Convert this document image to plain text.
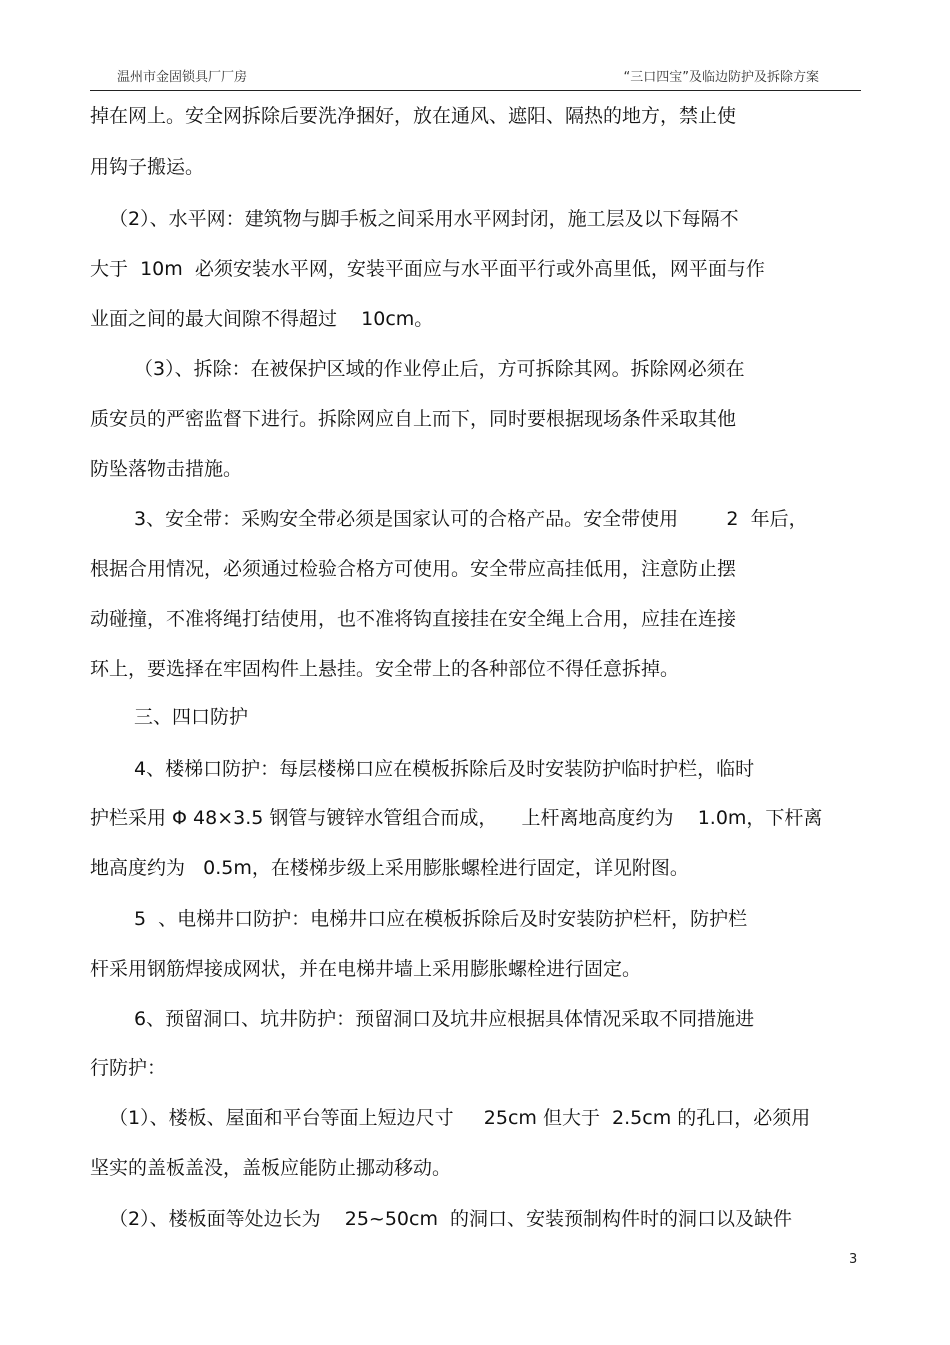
温州市金固锁具厂厂房	“三口四宝”及临边防护及拆除方案
掉在网上。安全网拆除后要洗净捆好，放在通风、遮阳、隔热的地方，禁止使
用钩子搬运。
（2）、水平网：建筑物与脚手板之间采用水平网封闭，施工层及以下每隔不
大于  10m  必须安装水平网，安装平面应与水平面平行或外高里低，网平面与作
业面之间的最大间隙不得超过    10cm。
（3）、拆除：在被保护区域的作业停止后，方可拆除其网。拆除网必须在
质安员的严密监督下进行。拆除网应自上而下，同时要根据现场条件采取其他
防坠落物击措施。
3、安全带：采购安全带必须是国家认可的合格产品。安全带使用        2  年后，
根据合用情况，必须通过检验合格方可使用。安全带应高挂低用，注意防止摆
动碰撞，不准将绳打结使用，也不准将钩直接挂在安全绳上合用，应挂在连接
环上，要选择在牢固构件上悬挂。安全带上的各种部位不得任意拆掉。
三、四口防护
4、楼梯口防护：每层楼梯口应在模板拆除后及时安装防护临时护栏，临时
护栏采用 Φ 48×3.5 钢管与镀锌水管组合而成，    上杆离地高度约为    1.0m，下杆离
地高度约为   0.5m，在楼梯步级上采用膨胀螺栓进行固定，详见附图。
5  、电梯井口防护：电梯井口应在模板拆除后及时安装防护栏杆，防护栏
杆采用钢筋焊接成网状，并在电梯井墙上采用膨胀螺栓进行固定。
6、预留洞口、坑井防护：预留洞口及坑井应根据具体情况采取不同措施进
行防护：
（1）、楼板、屋面和平台等面上短边尺寸     25cm 但大于  2.5cm 的孔口，必须用
坚实的盖板盖没，盖板应能防止挪动移动。
（2）、楼板面等处边长为    25~50cm  的洞口、安装预制构件时的洞口以及缺件
3
